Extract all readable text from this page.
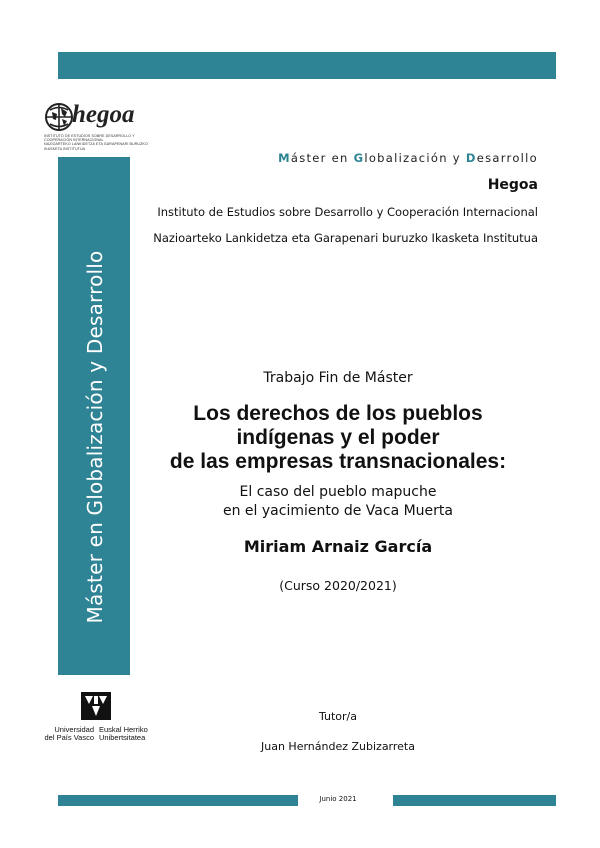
Máster en Globalización y Desarrollo
hegoa
INSTITUTO DE ESTUDIOS SOBRE DESARROLLO Y COOPERACIÓN INTERNACIONAL
NAZIOARTEKO LANKIDETZA ETA GARAPENARI BURUZKO IKASKETA INSTITUTUA
Máster en Globalización y Desarrollo
Hegoa
Instituto de Estudios sobre Desarrollo y Cooperación Internacional
Nazioarteko Lankidetza eta Garapenari buruzko Ikasketa Institutua
Trabajo Fin de Máster
Los derechos de los pueblos
indígenas y el poder
de las empresas transnacionales:
El caso del pueblo mapuche
en el yacimiento de Vaca Muerta
Miriam Arnaiz García
(Curso 2020/2021)
Universidad
del País Vasco
Euskal Herriko
Unibertsitatea
Tutor/a
Juan Hernández Zubizarreta
Junio 2021
